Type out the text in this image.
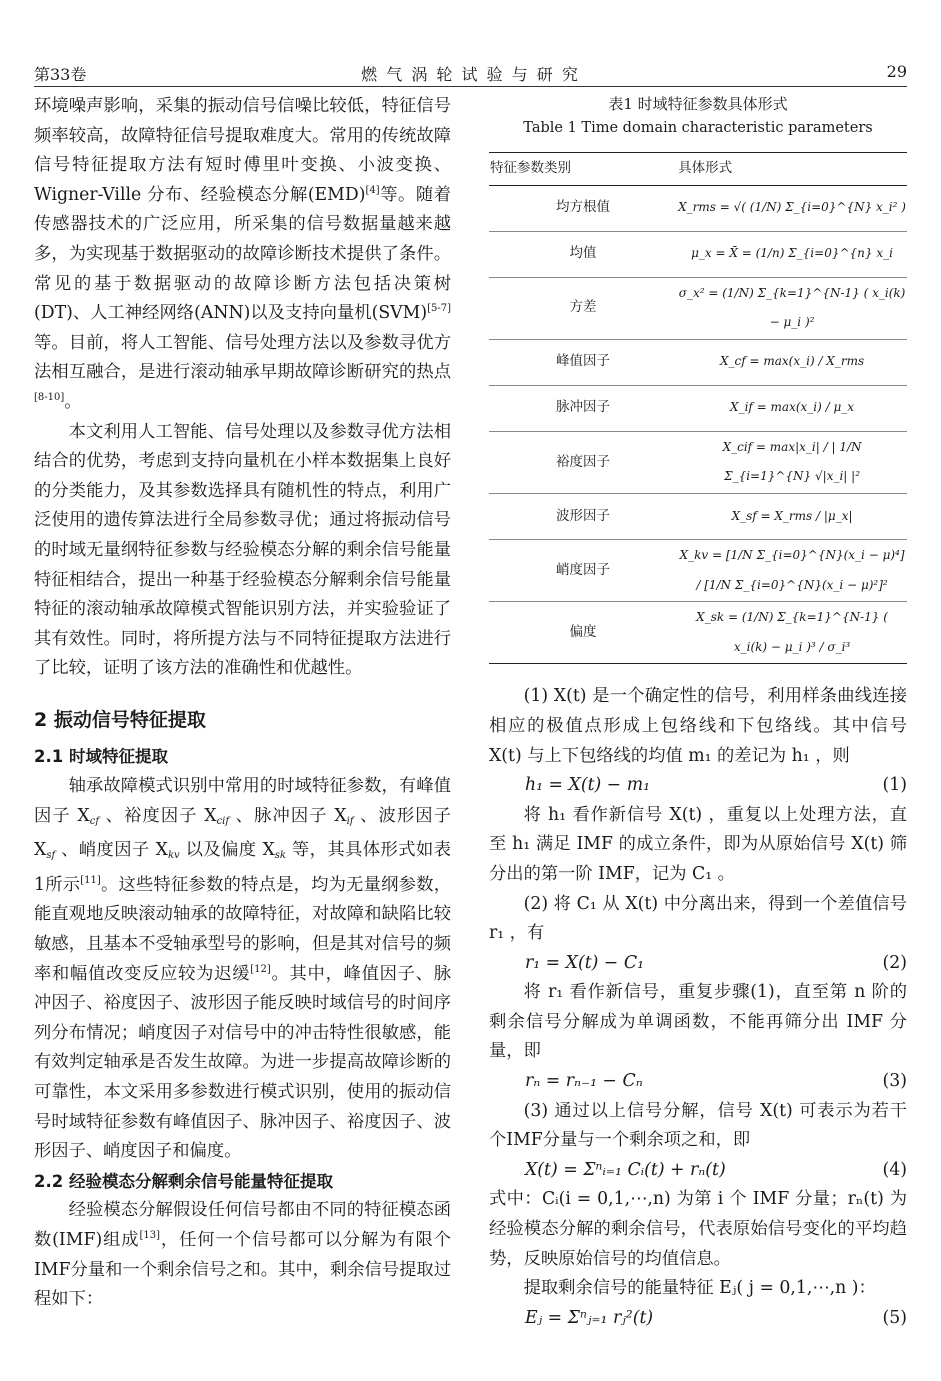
第33卷	燃 气 涡 轮 试 验 与 研 究	29

环境噪声影响，采集的振动信号信噪比较低，特征信号频率较高，故障特征信号提取难度大。常用的传统故障信号特征提取方法有短时傅里叶变换、小波变换、Wigner-Ville 分布、经验模态分解(EMD)[4]等。随着传感器技术的广泛应用，所采集的信号数据量越来越多，为实现基于数据驱动的故障诊断技术提供了条件。常见的基于数据驱动的故障诊断方法包括决策树(DT)、人工神经网络(ANN)以及支持向量机(SVM)[5-7]等。目前，将人工智能、信号处理方法以及参数寻优方法相互融合，是进行滚动轴承早期故障诊断研究的热点[8-10]。

本文利用人工智能、信号处理以及参数寻优方法相结合的优势，考虑到支持向量机在小样本数据集上良好的分类能力，及其参数选择具有随机性的特点，利用广泛使用的遗传算法进行全局参数寻优；通过将振动信号的时域无量纲特征参数与经验模态分解的剩余信号能量特征相结合，提出一种基于经验模态分解剩余信号能量特征的滚动轴承故障模式智能识别方法，并实验验证了其有效性。同时，将所提方法与不同特征提取方法进行了比较，证明了该方法的准确性和优越性。

2 振动信号特征提取
2.1 时域特征提取

轴承故障模式识别中常用的时域特征参数，有峰值因子 $X_{cf}$ 、裕度因子 $X_{cif}$ 、脉冲因子 $X_{if}$ 、波形因子 $X_{sf}$ 、峭度因子 $X_{kv}$ 以及偏度 $X_{sk}$ 等，其具体形式如表1所示[11]。这些特征参数的特点是，均为无量纲参数，能直观地反映滚动轴承的故障特征，对故障和缺陷比较敏感，且基本不受轴承型号的影响，但是其对信号的频率和幅值改变反应较为迟缓[12]。其中，峰值因子、脉冲因子、裕度因子、波形因子能反映时域信号的时间序列分布情况；峭度因子对信号中的冲击特性很敏感，能有效判定轴承是否发生故障。为进一步提高故障诊断的可靠性，本文采用多参数进行模式识别，使用的振动信号时域特征参数有峰值因子、脉冲因子、裕度因子、波形因子、峭度因子和偏度。

2.2 经验模态分解剩余信号能量特征提取

经验模态分解假设任何信号都由不同的特征模态函数(IMF)组成[13]，任何一个信号都可以分解为有限个IMF分量和一个剩余信号之和。其中，剩余信号提取过程如下：

表1 时域特征参数具体形式
Table 1 Time domain characteristic parameters
特征参数类别	具体形式
均方根值	X_rms = √( (1/N) Σ_{i=0}^{N} x_i² )
均值	μ_x = X̄ = (1/n) Σ_{i=0}^{n} x_i
方差	σ_x² = (1/N) Σ_{k=1}^{N-1} ( x_i(k) − μ_i )²
峰值因子	X_cf = max(x_i) / X_rms
脉冲因子	X_if = max(x_i) / μ_x
裕度因子	X_cif = max|x_i| / | 1/N Σ_{i=1}^{N} √|x_i| |²
波形因子	X_sf = X_rms / |μ_x|
峭度因子	X_kv = [1/N Σ_{i=0}^{N}(x_i − μ)⁴] / [1/N Σ_{i=0}^{N}(x_i − μ)²]²
偏度	X_sk = (1/N) Σ_{k=1}^{N-1} ( x_i(k) − μ_i )³ / σ_i³

(1) X(t) 是一个确定性的信号，利用样条曲线连接相应的极值点形成上包络线和下包络线。其中信号 X(t) 与上下包络线的均值 m₁ 的差记为 h₁ ，则

h₁ = X(t) − m₁	(1)

将 h₁ 看作新信号 X(t) ，重复以上处理方法，直至 h₁ 满足 IMF 的成立条件，即为从原始信号 X(t) 筛分出的第一阶 IMF，记为 C₁ 。

(2) 将 C₁ 从 X(t) 中分离出来，得到一个差值信号 r₁ ，有

r₁ = X(t) − C₁	(2)

将 r₁ 看作新信号，重复步骤(1)，直至第 n 阶的剩余信号分解成为单调函数，不能再筛分出 IMF 分量，即

rₙ = rₙ₋₁ − Cₙ	(3)

(3) 通过以上信号分解，信号 X(t) 可表示为若干个IMF分量与一个剩余项之和，即

X(t) = Σⁿᵢ₌₁ Cᵢ(t) + rₙ(t)	(4)

式中：Cᵢ(i = 0,1,⋯,n) 为第 i 个 IMF 分量；rₙ(t) 为经验模态分解的剩余信号，代表原始信号变化的平均趋势，反映原始信号的均值信息。

提取剩余信号的能量特征 Eⱼ( j = 0,1,⋯,n )：

Eⱼ = Σⁿⱼ₌₁ rⱼ²(t)	(5)
